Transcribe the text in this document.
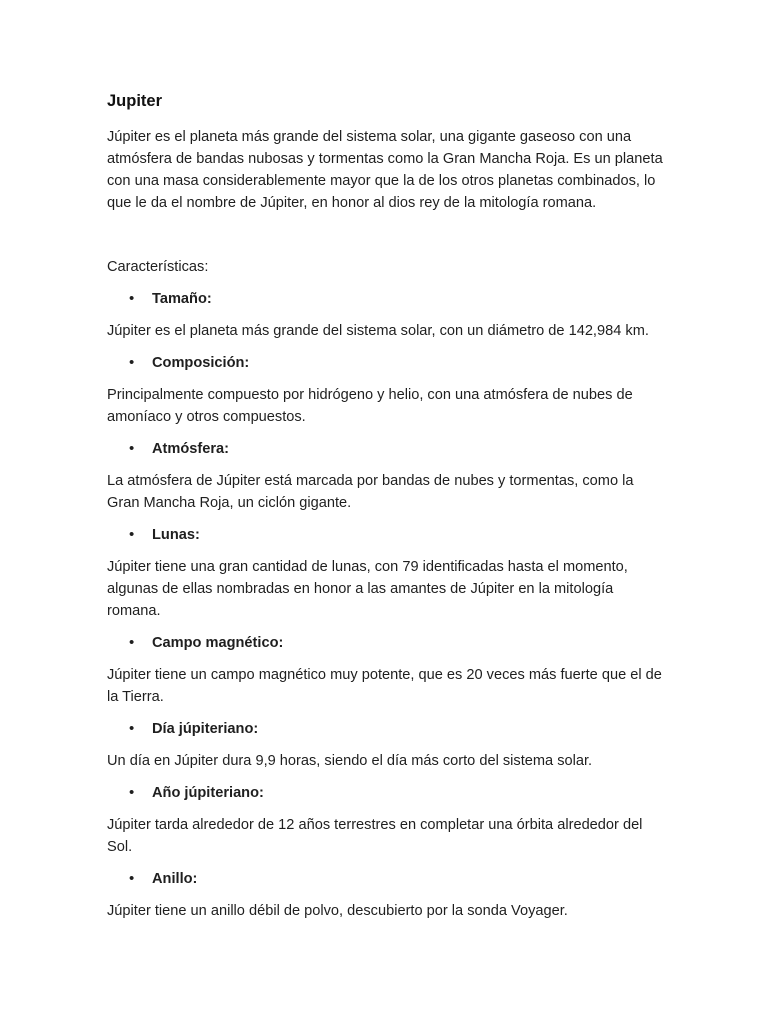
Jupiter

Júpiter es el planeta más grande del sistema solar, una gigante gaseoso con una atmósfera de bandas nubosas y tormentas como la Gran Mancha Roja. Es un planeta con una masa considerablemente mayor que la de los otros planetas combinados, lo que le da el nombre de Júpiter, en honor al dios rey de la mitología romana.

Características:

•	Tamaño:

Júpiter es el planeta más grande del sistema solar, con un diámetro de 142,984 km.

•	Composición:

Principalmente compuesto por hidrógeno y helio, con una atmósfera de nubes de amoníaco y otros compuestos.

•	Atmósfera:

La atmósfera de Júpiter está marcada por bandas de nubes y tormentas, como la Gran Mancha Roja, un ciclón gigante.

•	Lunas:

Júpiter tiene una gran cantidad de lunas, con 79 identificadas hasta el momento, algunas de ellas nombradas en honor a las amantes de Júpiter en la mitología romana.

•	Campo magnético:

Júpiter tiene un campo magnético muy potente, que es 20 veces más fuerte que el de la Tierra.

•	Día júpiteriano:

Un día en Júpiter dura 9,9 horas, siendo el día más corto del sistema solar.

•	Año júpiteriano:

Júpiter tarda alrededor de 12 años terrestres en completar una órbita alrededor del Sol.

•	Anillo:

Júpiter tiene un anillo débil de polvo, descubierto por la sonda Voyager.
